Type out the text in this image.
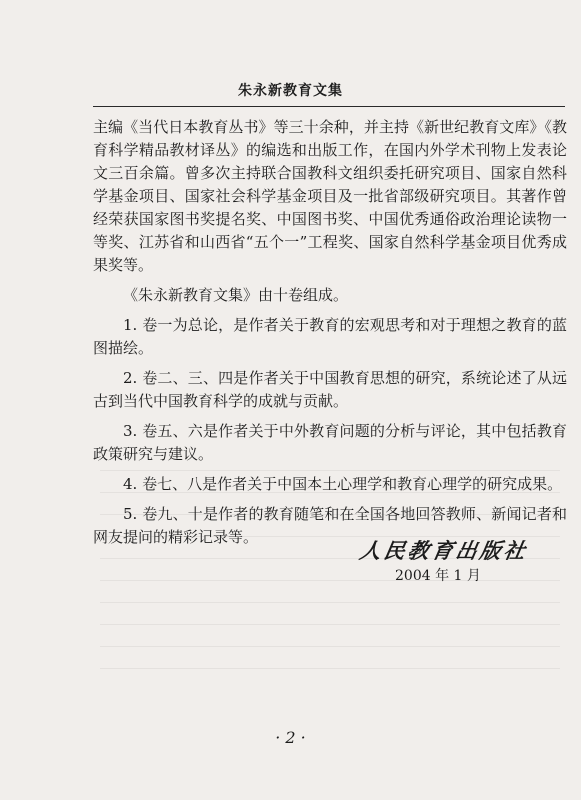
朱永新教育文集

主编《当代日本教育丛书》等三十余种，并主持《新世纪教育文库》《教育科学精品教材译丛》的编选和出版工作，在国内外学术刊物上发表论文三百余篇。曾多次主持联合国教科文组织委托研究项目、国家自然科学基金项目、国家社会科学基金项目及一批省部级研究项目。其著作曾经荣获国家图书奖提名奖、中国图书奖、中国优秀通俗政治理论读物一等奖、江苏省和山西省“五个一”工程奖、国家自然科学基金项目优秀成果奖等。

《朱永新教育文集》由十卷组成。

1. 卷一为总论，是作者关于教育的宏观思考和对于理想之教育的蓝图描绘。

2. 卷二、三、四是作者关于中国教育思想的研究，系统论述了从远古到当代中国教育科学的成就与贡献。

3. 卷五、六是作者关于中外教育问题的分析与评论，其中包括教育政策研究与建议。

4. 卷七、八是作者关于中国本土心理学和教育心理学的研究成果。

5. 卷九、十是作者的教育随笔和在全国各地回答教师、新闻记者和网友提问的精彩记录等。

人民教育出版社
2004 年 1 月
· 2 ·
